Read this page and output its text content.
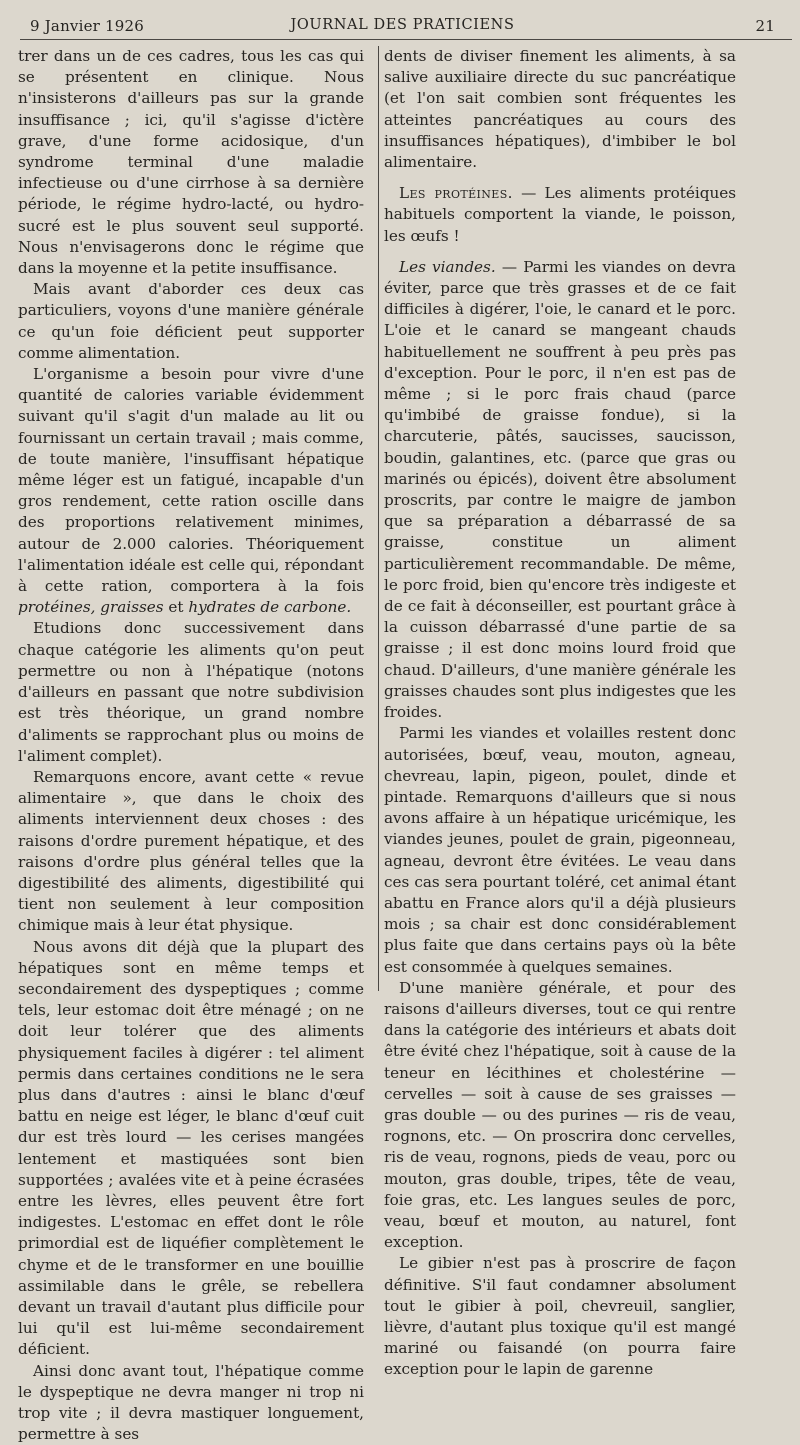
9 Janvier 1926	JOURNAL DES PRATICIENS	21

trer dans un de ces cadres, tous les cas qui se présentent en clinique. Nous n'insisterons d'ailleurs pas sur la grande insuffisance ; ici, qu'il s'agisse d'ictère grave, d'une forme acidosique, d'un syndrome terminal d'une maladie infectieuse ou d'une cirrhose à sa dernière période, le régime hydro-lacté, ou hydro-sucré est le plus souvent seul supporté. Nous n'envisagerons donc le régime que dans la moyenne et la petite insuffisance.

Mais avant d'aborder ces deux cas particuliers, voyons d'une manière générale ce qu'un foie déficient peut supporter comme alimentation.

L'organisme a besoin pour vivre d'une quantité de calories variable évidemment suivant qu'il s'agit d'un malade au lit ou fournissant un certain travail ; mais comme, de toute manière, l'insuffisant hépatique même léger est un fatigué, incapable d'un gros rendement, cette ration oscille dans des proportions relativement minimes, autour de 2.000 calories. Théoriquement l'alimentation idéale est celle qui, répondant à cette ration, comportera à la fois protéines, graisses et hydrates de carbone.

Etudions donc successivement dans chaque catégorie les aliments qu'on peut permettre ou non à l'hépatique (notons d'ailleurs en passant que notre subdivision est très théorique, un grand nombre d'aliments se rapprochant plus ou moins de l'aliment complet).

Remarquons encore, avant cette « revue alimentaire », que dans le choix des aliments interviennent deux choses : des raisons d'ordre purement hépatique, et des raisons d'ordre plus général telles que la digestibilité des aliments, digestibilité qui tient non seulement à leur composition chimique mais à leur état physique.

Nous avons dit déjà que la plupart des hépatiques sont en même temps et secondairement des dyspeptiques ; comme tels, leur estomac doit être ménagé ; on ne doit leur tolérer que des aliments physiquement faciles à digérer : tel aliment permis dans certaines conditions ne le sera plus dans d'autres : ainsi le blanc d'œuf battu en neige est léger, le blanc d'œuf cuit dur est très lourd — les cerises mangées lentement et mastiquées sont bien supportées ; avalées vite et à peine écrasées entre les lèvres, elles peuvent être fort indigestes. L'estomac en effet dont le rôle primordial est de liquéfier complètement le chyme et de le transformer en une bouillie assimilable dans le grêle, se rebellera devant un travail d'autant plus difficile pour lui qu'il est lui-même secondairement déficient.

Ainsi donc avant tout, l'hépatique comme le dyspeptique ne devra manger ni trop ni trop vite ; il devra mastiquer longuement, permettre à ses

dents de diviser finement les aliments, à sa salive auxiliaire directe du suc pancréatique (et l'on sait combien sont fréquentes les atteintes pancréatiques au cours des insuffisances hépatiques), d'imbiber le bol alimentaire.

Les protéines. — Les aliments protéiques habituels comportent la viande, le poisson, les œufs !

Les viandes. — Parmi les viandes on devra éviter, parce que très grasses et de ce fait difficiles à digérer, l'oie, le canard et le porc. L'oie et le canard se mangeant chauds habituellement ne souffrent à peu près pas d'exception. Pour le porc, il n'en est pas de même ; si le porc frais chaud (parce qu'imbibé de graisse fondue), si la charcuterie, pâtés, saucisses, saucisson, boudin, galantines, etc. (parce que gras ou marinés ou épicés), doivent être absolument proscrits, par contre le maigre de jambon que sa préparation a débarrassé de sa graisse, constitue un aliment particulièrement recommandable. De même, le porc froid, bien qu'encore très indigeste et de ce fait à déconseiller, est pourtant grâce à la cuisson débarrassé d'une partie de sa graisse ; il est donc moins lourd froid que chaud. D'ailleurs, d'une manière générale les graisses chaudes sont plus indigestes que les froides.

Parmi les viandes et volailles restent donc autorisées, bœuf, veau, mouton, agneau, chevreau, lapin, pigeon, poulet, dinde et pintade. Remarquons d'ailleurs que si nous avons affaire à un hépatique uricémique, les viandes jeunes, poulet de grain, pigeonneau, agneau, devront être évitées. Le veau dans ces cas sera pourtant toléré, cet animal étant abattu en France alors qu'il a déjà plusieurs mois ; sa chair est donc considérablement plus faite que dans certains pays où la bête est consommée à quelques semaines.

D'une manière générale, et pour des raisons d'ailleurs diverses, tout ce qui rentre dans la catégorie des intérieurs et abats doit être évité chez l'hépatique, soit à cause de la teneur en lécithines et cholestérine — cervelles — soit à cause de ses graisses — gras double — ou des purines — ris de veau, rognons, etc. — On proscrira donc cervelles, ris de veau, rognons, pieds de veau, porc ou mouton, gras double, tripes, tête de veau, foie gras, etc. Les langues seules de porc, veau, bœuf et mouton, au naturel, font exception.

Le gibier n'est pas à proscrire de façon définitive. S'il faut condamner absolument tout le gibier à poil, chevreuil, sanglier, lièvre, d'autant plus toxique qu'il est mangé mariné ou faisandé (on pourra faire exception pour le lapin de garenne
